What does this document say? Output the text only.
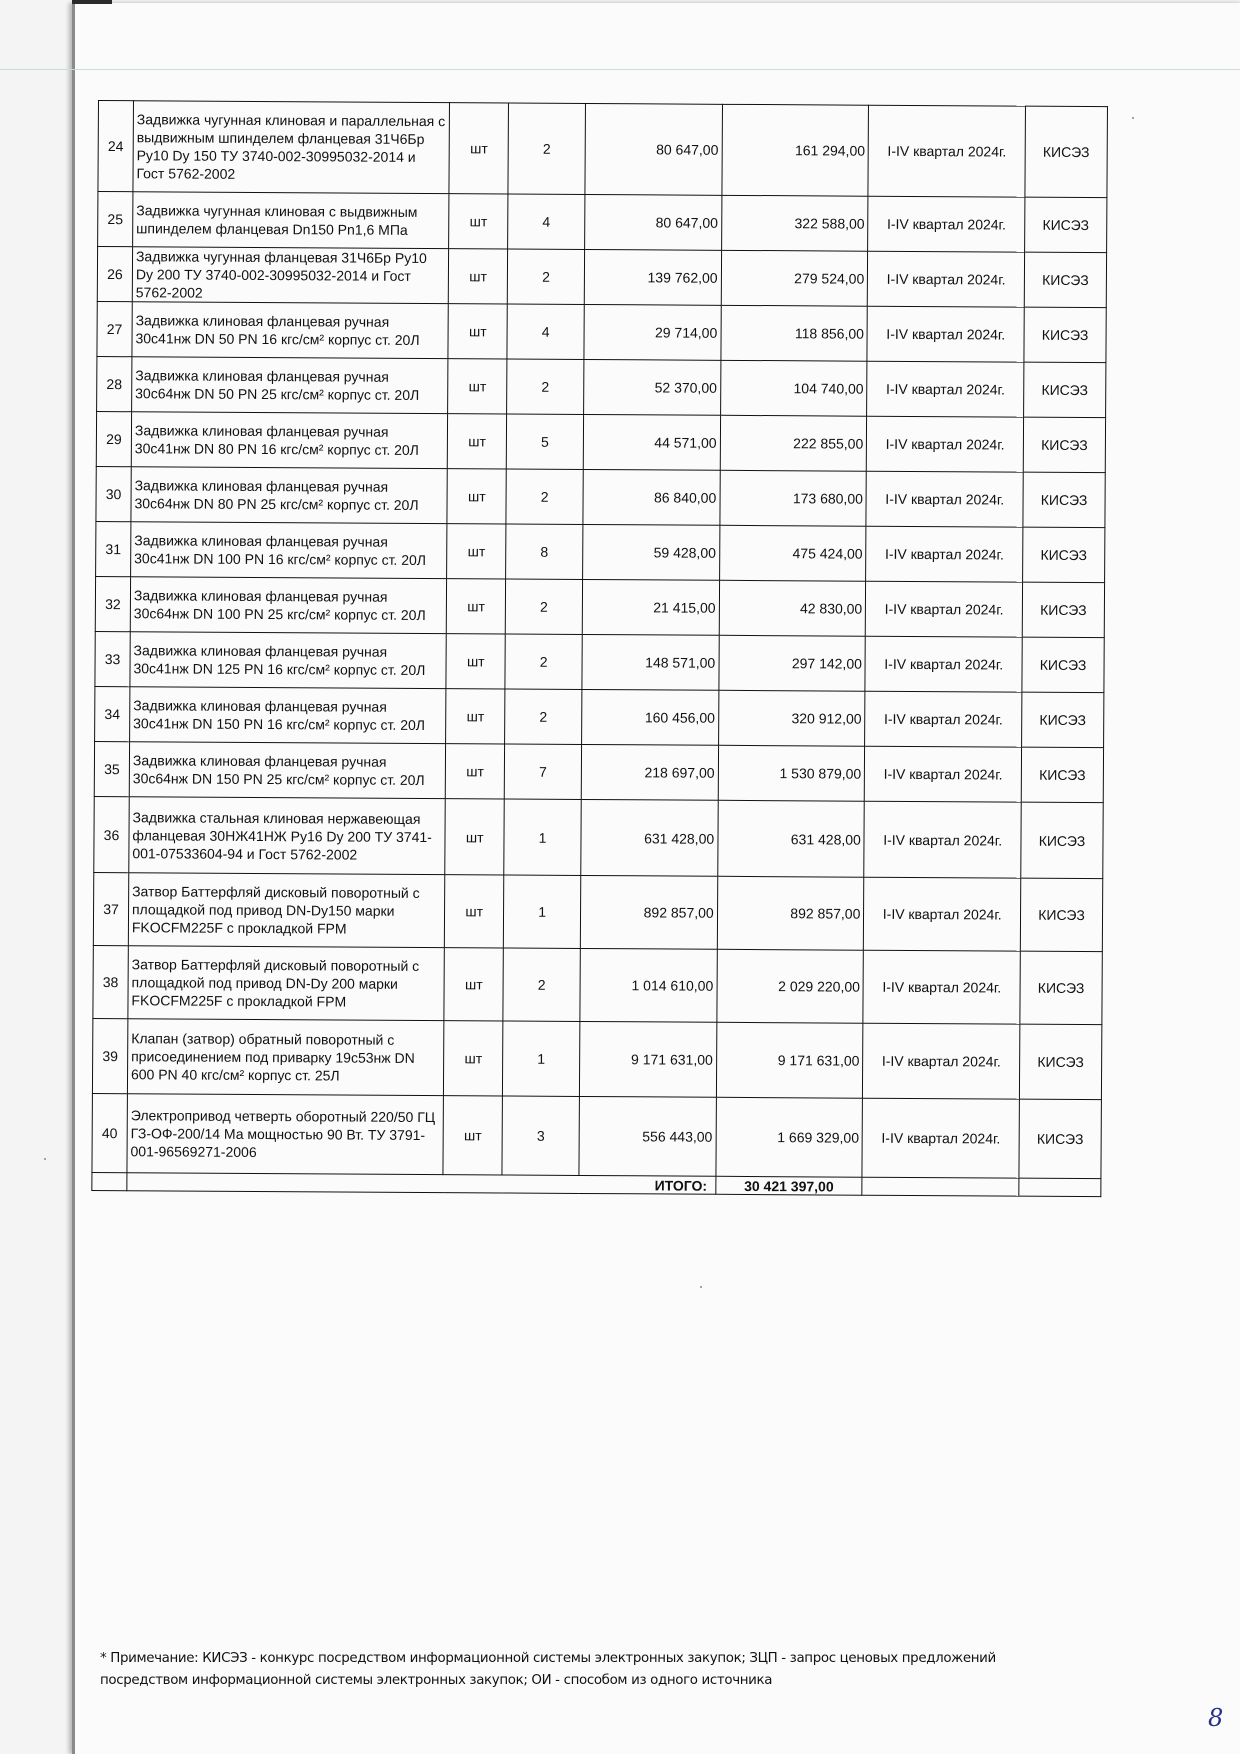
24	Задвижка чугунная клиновая и параллельная с выдвижным шпинделем фланцевая 31Ч6Бр Ру10 Dу 150 ТУ 3740-002-30995032-2014 и Гост 5762-2002	шт	2	80 647,00	161 294,00	I-IV квартал 2024г.	КИСЭЗ
25	Задвижка чугунная клиновая с выдвижным шпинделем фланцевая Dn150 Pn1,6 МПа	шт	4	80 647,00	322 588,00	I-IV квартал 2024г.	КИСЭЗ
26	Задвижка чугунная фланцевая 31Ч6Бр Ру10 Dу 200 ТУ 3740-002-30995032-2014 и Гост 5762-2002	шт	2	139 762,00	279 524,00	I-IV квартал 2024г.	КИСЭЗ
27	Задвижка клиновая фланцевая ручная 30с41нж DN 50 PN 16 кгс/см² корпус ст. 20Л	шт	4	29 714,00	118 856,00	I-IV квартал 2024г.	КИСЭЗ
28	Задвижка клиновая фланцевая ручная 30с64нж DN 50 PN 25 кгс/см² корпус ст. 20Л	шт	2	52 370,00	104 740,00	I-IV квартал 2024г.	КИСЭЗ
29	Задвижка клиновая фланцевая ручная 30с41нж DN 80 PN 16 кгс/см² корпус ст. 20Л	шт	5	44 571,00	222 855,00	I-IV квартал 2024г.	КИСЭЗ
30	Задвижка клиновая фланцевая ручная 30с64нж DN 80 PN 25 кгс/см² корпус ст. 20Л	шт	2	86 840,00	173 680,00	I-IV квартал 2024г.	КИСЭЗ
31	Задвижка клиновая фланцевая ручная 30с41нж DN 100 PN 16 кгс/см² корпус ст. 20Л	шт	8	59 428,00	475 424,00	I-IV квартал 2024г.	КИСЭЗ
32	Задвижка клиновая фланцевая ручная 30с64нж DN 100 PN 25 кгс/см² корпус ст. 20Л	шт	2	21 415,00	42 830,00	I-IV квартал 2024г.	КИСЭЗ
33	Задвижка клиновая фланцевая ручная 30с41нж DN 125 PN 16 кгс/см² корпус ст. 20Л	шт	2	148 571,00	297 142,00	I-IV квартал 2024г.	КИСЭЗ
34	Задвижка клиновая фланцевая ручная 30с41нж DN 150 PN 16 кгс/см² корпус ст. 20Л	шт	2	160 456,00	320 912,00	I-IV квартал 2024г.	КИСЭЗ
35	Задвижка клиновая фланцевая ручная 30с64нж DN 150 PN 25 кгс/см² корпус ст. 20Л	шт	7	218 697,00	1 530 879,00	I-IV квартал 2024г.	КИСЭЗ
36	Задвижка стальная клиновая нержавеющая фланцевая 30НЖ41НЖ Ру16 Dу 200 ТУ 3741-001-07533604-94 и Гост 5762-2002	шт	1	631 428,00	631 428,00	I-IV квартал 2024г.	КИСЭЗ
37	Затвор Баттерфляй дисковый поворотный с площадкой под привод DN-Dy150 марки FKOCFM225F с прокладкой FPM	шт	1	892 857,00	892 857,00	I-IV квартал 2024г.	КИСЭЗ
38	Затвор Баттерфляй дисковый поворотный с площадкой под привод DN-Dy 200 марки FKOCFM225F с прокладкой FPM	шт	2	1 014 610,00	2 029 220,00	I-IV квартал 2024г.	КИСЭЗ
39	Клапан (затвор) обратный поворотный с присоединением под приварку 19с53нж DN 600 PN 40 кгс/см² корпус ст. 25Л	шт	1	9 171 631,00	9 171 631,00	I-IV квартал 2024г.	КИСЭЗ
40	Электропривод четверть оборотный 220/50 ГЦ ГЗ-ОФ-200/14 Ма мощностью 90 Вт. ТУ 3791-001-96569271-2006	шт	3	556 443,00	1 669 329,00	I-IV квартал 2024г.	КИСЭЗ
	ИТОГО:				30 421 397,00		
* Примечание: КИСЭЗ - конкурс посредством информационной системы электронных закупок; ЗЦП - запрос ценовых предложений
посредством информационной системы электронных закупок; ОИ - способом из одного источника
8
